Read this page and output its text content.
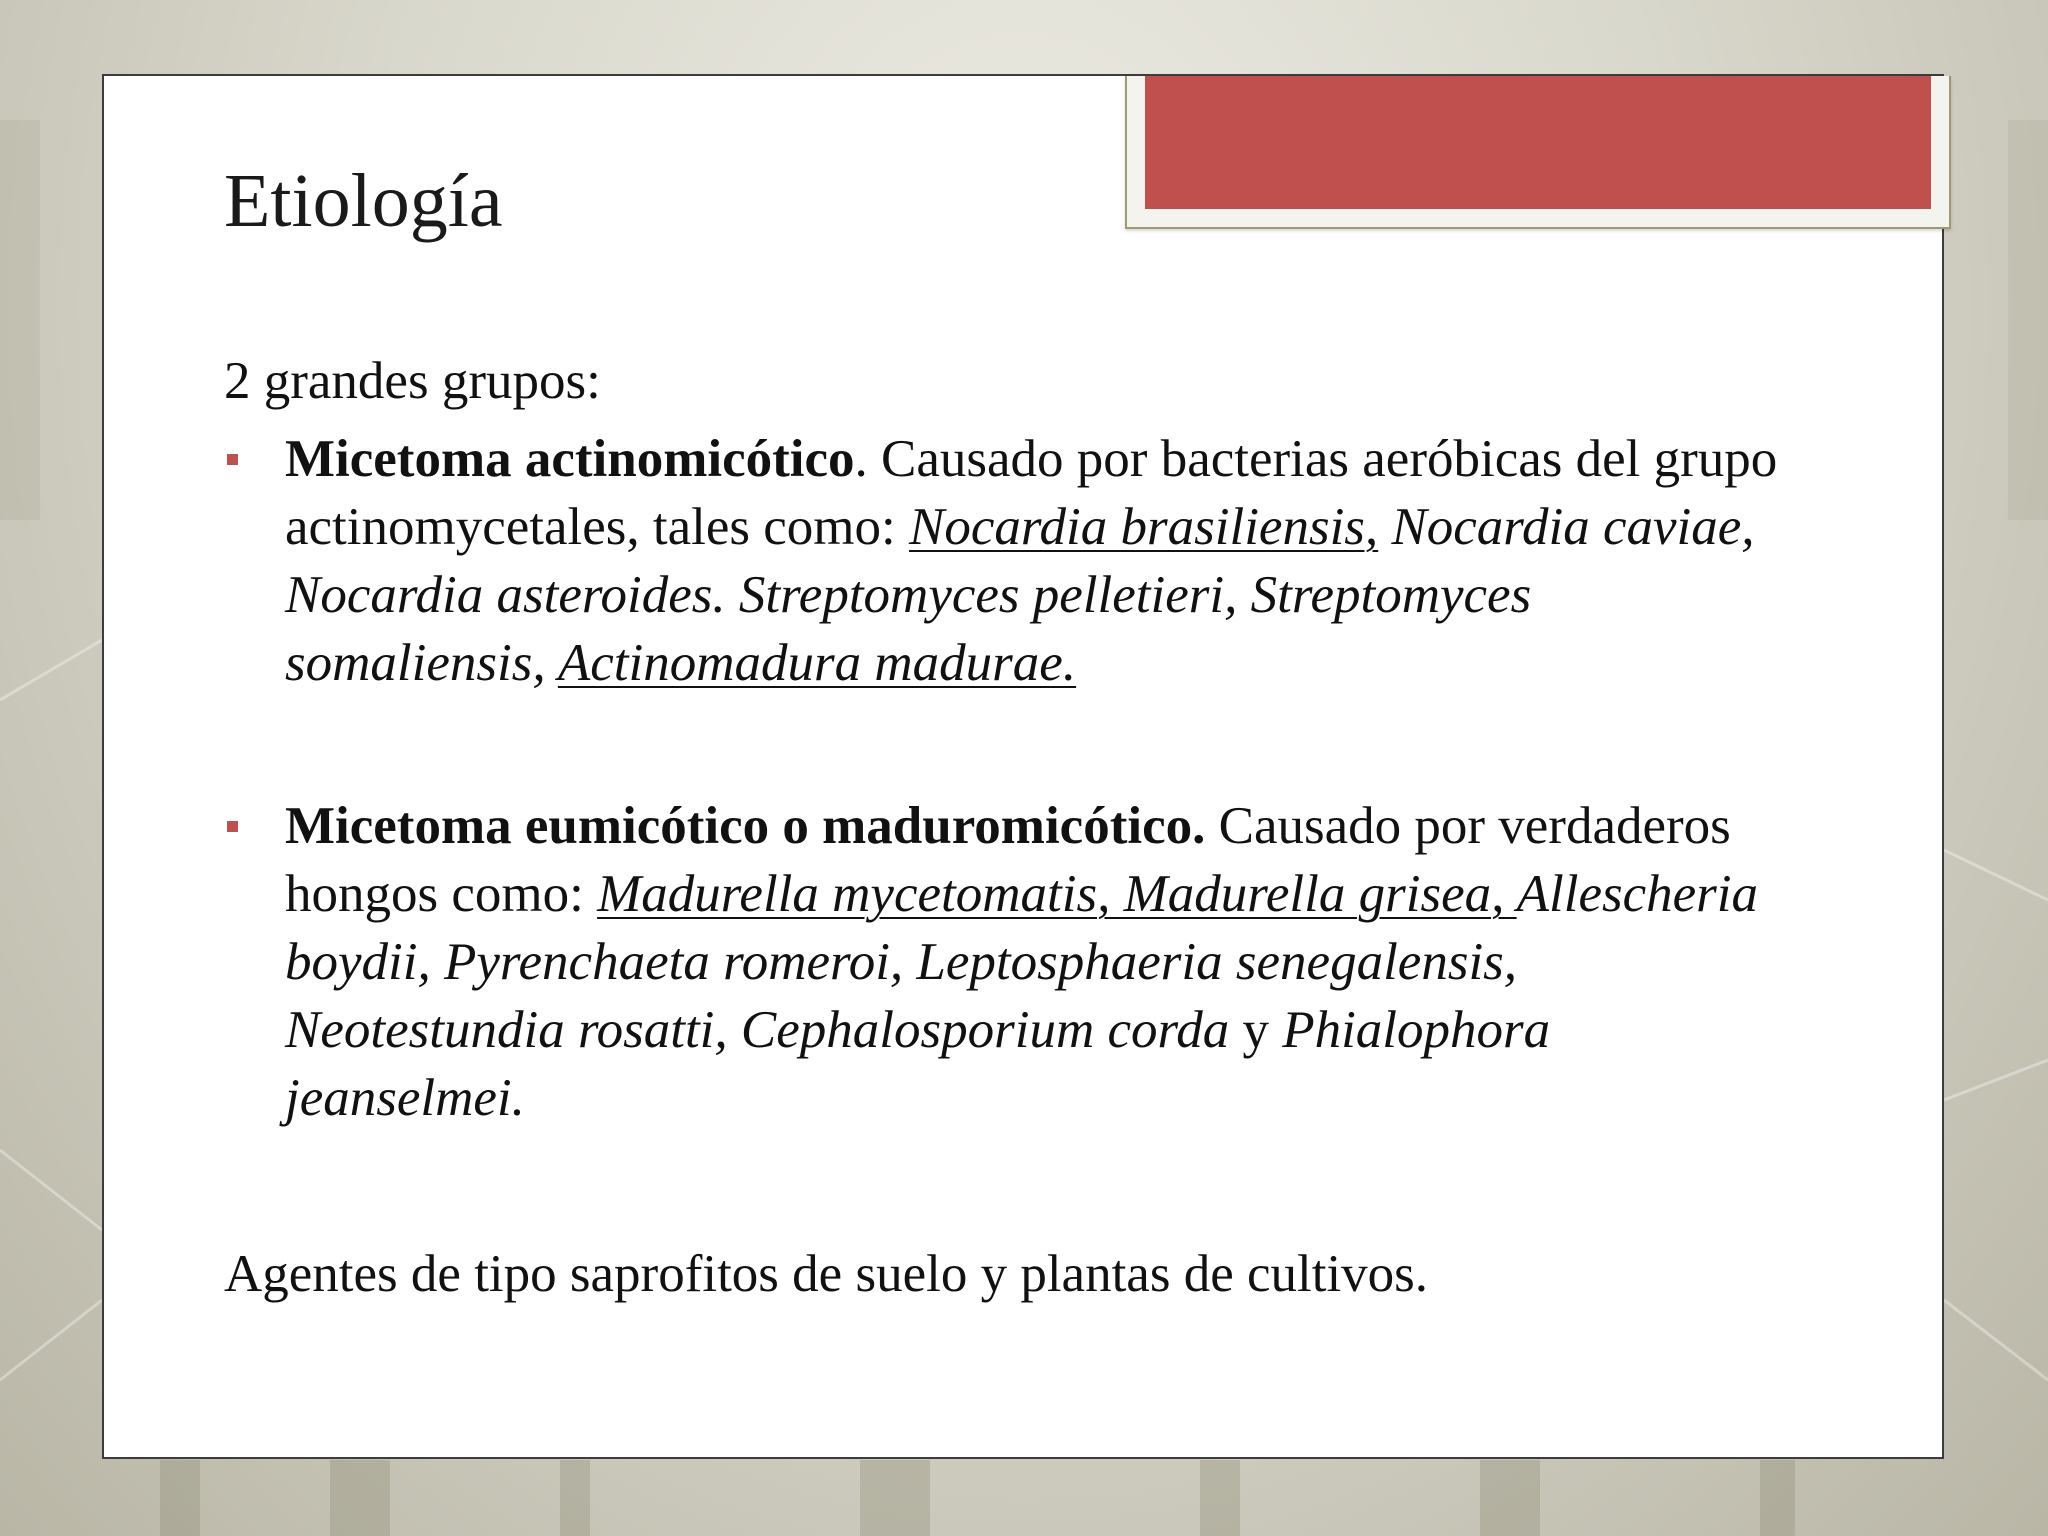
Etiología

2 grandes grupos:

Micetoma actinomicótico. Causado por bacterias aeróbicas del grupo actinomycetales, tales como: Nocardia brasiliensis, Nocardia caviae, Nocardia asteroides. Streptomyces pelletieri, Streptomyces somaliensis, Actinomadura madurae.

Micetoma eumicótico o maduromicótico. Causado por verdaderos hongos como: Madurella mycetomatis, Madurella grisea, Allescheria boydii, Pyrenchaeta romeroi, Leptosphaeria senegalensis, Neotestundia rosatti, Cephalosporium corda y Phialophora jeanselmei.

Agentes de tipo saprofitos de suelo y plantas de cultivos.
